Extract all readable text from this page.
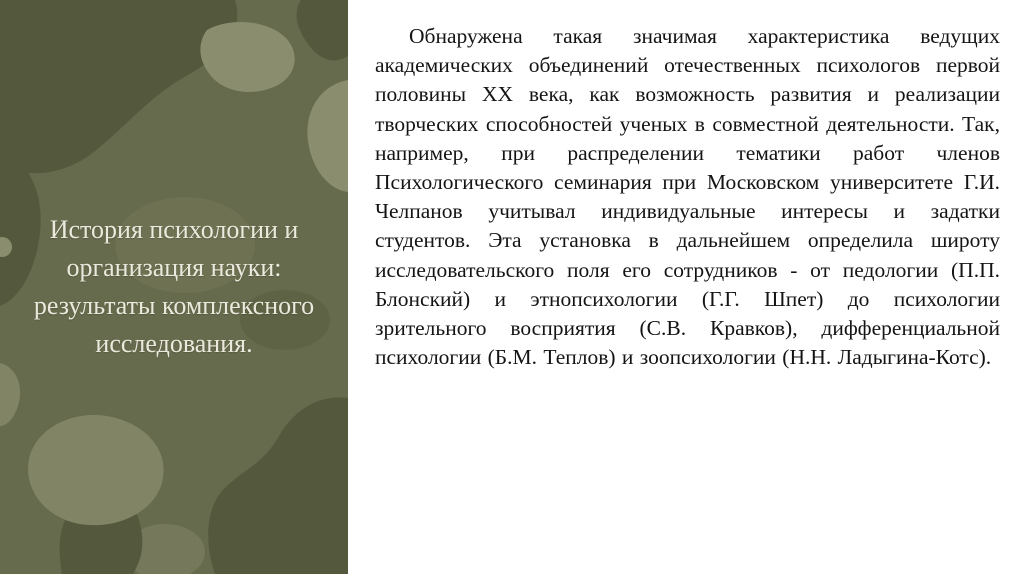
История психологии и организация науки: результаты комплексного исследования.

Обнаружена такая значимая характеристика ведущих академических объединений отечественных психологов первой половины XX века, как возможность развития и реализации творческих способностей ученых в совместной деятельности. Так, например, при распределении тематики работ членов Психологического семинария при Московском университете Г.И. Челпанов учитывал индивидуальные интересы и задатки студентов. Эта установка в дальнейшем определила широту исследовательского поля его сотрудников - от педологии (П.П. Блонский) и этнопсихологии (Г.Г. Шпет) до психологии зрительного восприятия (С.В. Кравков), дифференциальной психологии (Б.М. Теплов) и зоопсихологии (Н.Н. Ладыгина-Котс).
